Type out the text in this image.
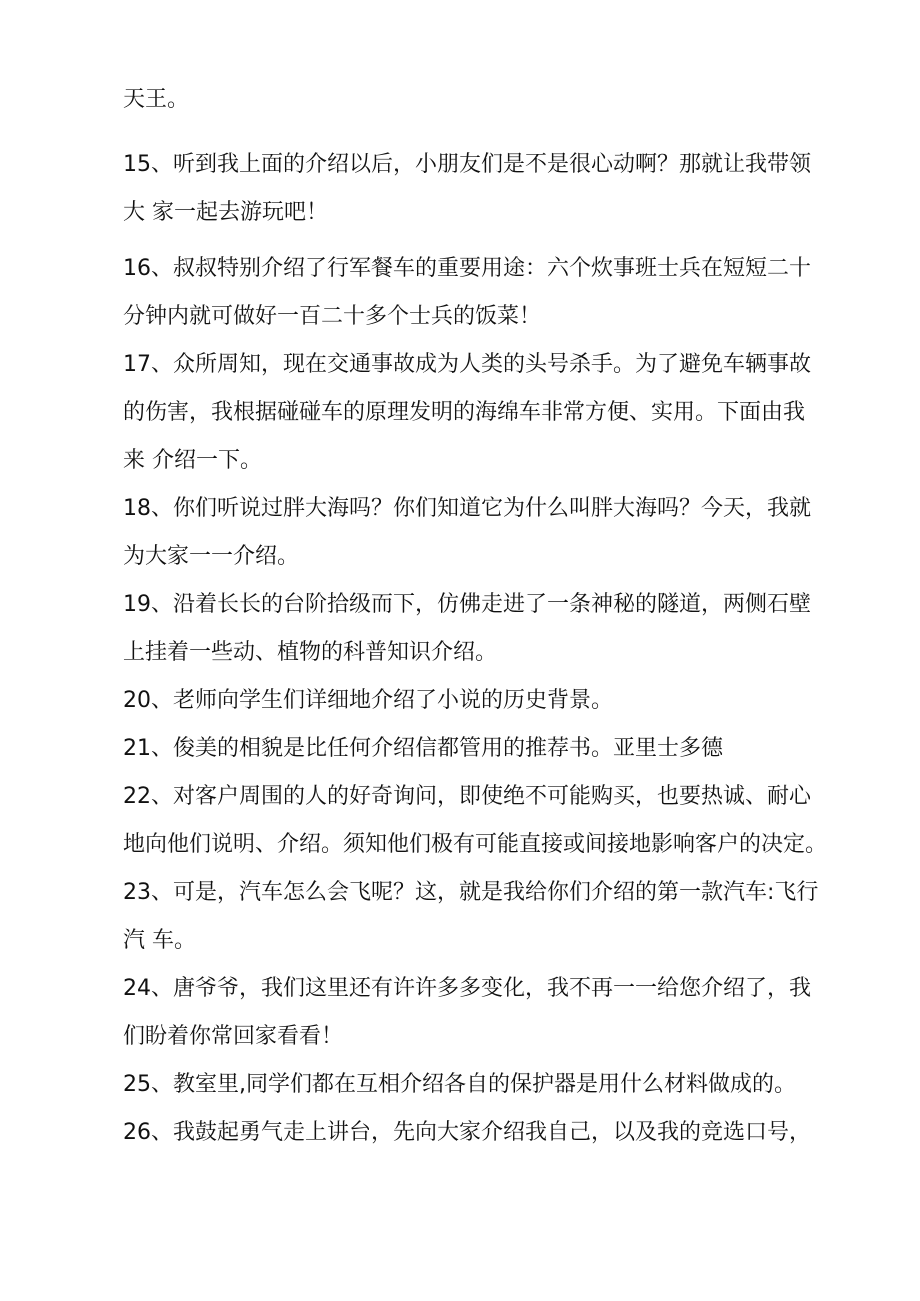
天王。
15、听到我上面的介绍以后，小朋友们是不是很心动啊？那就让我带领
大 家一起去游玩吧！
16、叔叔特别介绍了行军餐车的重要用途：六个炊事班士兵在短短二十
分钟内就可做好一百二十多个士兵的饭菜！
17、众所周知，现在交通事故成为人类的头号杀手。为了避免车辆事故
的伤害，我根据碰碰车的原理发明的海绵车非常方便、实用。下面由我
来 介绍一下。
18、你们听说过胖大海吗？你们知道它为什么叫胖大海吗？今天，我就
为大家一一介绍。
19、沿着长长的台阶拾级而下，仿佛走进了一条神秘的隧道，两侧石壁
上挂着一些动、植物的科普知识介绍。
20、老师向学生们详细地介绍了小说的历史背景。
21、俊美的相貌是比任何介绍信都管用的推荐书。亚里士多德
22、对客户周围的人的好奇询问，即使绝不可能购买，也要热诚、耐心
地向他们说明、介绍。须知他们极有可能直接或间接地影响客户的决定。
23、可是，汽车怎么会飞呢？这，就是我给你们介绍的第一款汽车:飞行
汽 车。
24、唐爷爷，我们这里还有许许多多变化，我不再一一给您介绍了，我
们盼着你常回家看看！
25、教室里,同学们都在互相介绍各自的保护器是用什么材料做成的。
26、我鼓起勇气走上讲台，先向大家介绍我自己，以及我的竞选口号，
